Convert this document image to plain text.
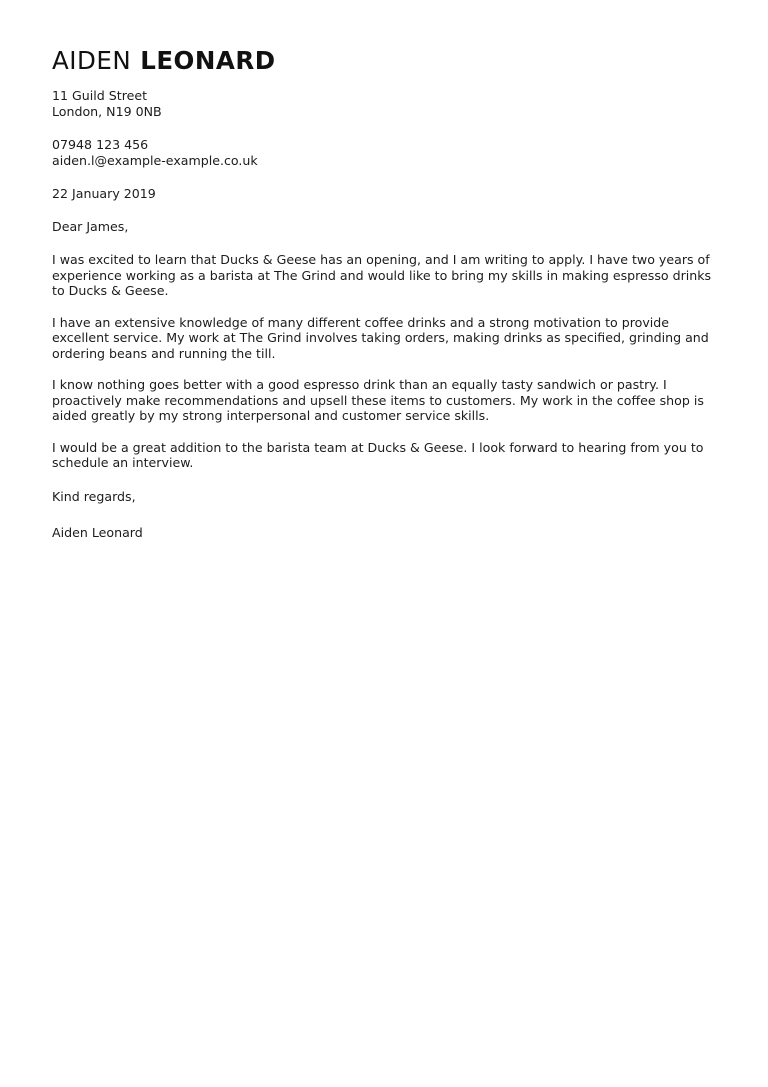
AIDEN LEONARD

11 Guild Street

London, N19 0NB

07948 123 456

aiden.l@example-example.co.uk

22 January 2019

Dear James,

I was excited to learn that Ducks & Geese has an opening, and I am writing to apply. I have two years of experience working as a barista at The Grind and would like to bring my skills in making espresso drinks to Ducks & Geese.

I have an extensive knowledge of many different coffee drinks and a strong motivation to provide excellent service. My work at The Grind involves taking orders, making drinks as specified, grinding and ordering beans and running the till.

I know nothing goes better with a good espresso drink than an equally tasty sandwich or pastry. I proactively make recommendations and upsell these items to customers. My work in the coffee shop is aided greatly by my strong interpersonal and customer service skills.

I would be a great addition to the barista team at Ducks & Geese. I look forward to hearing from you to schedule an interview.

Kind regards,

Aiden Leonard
